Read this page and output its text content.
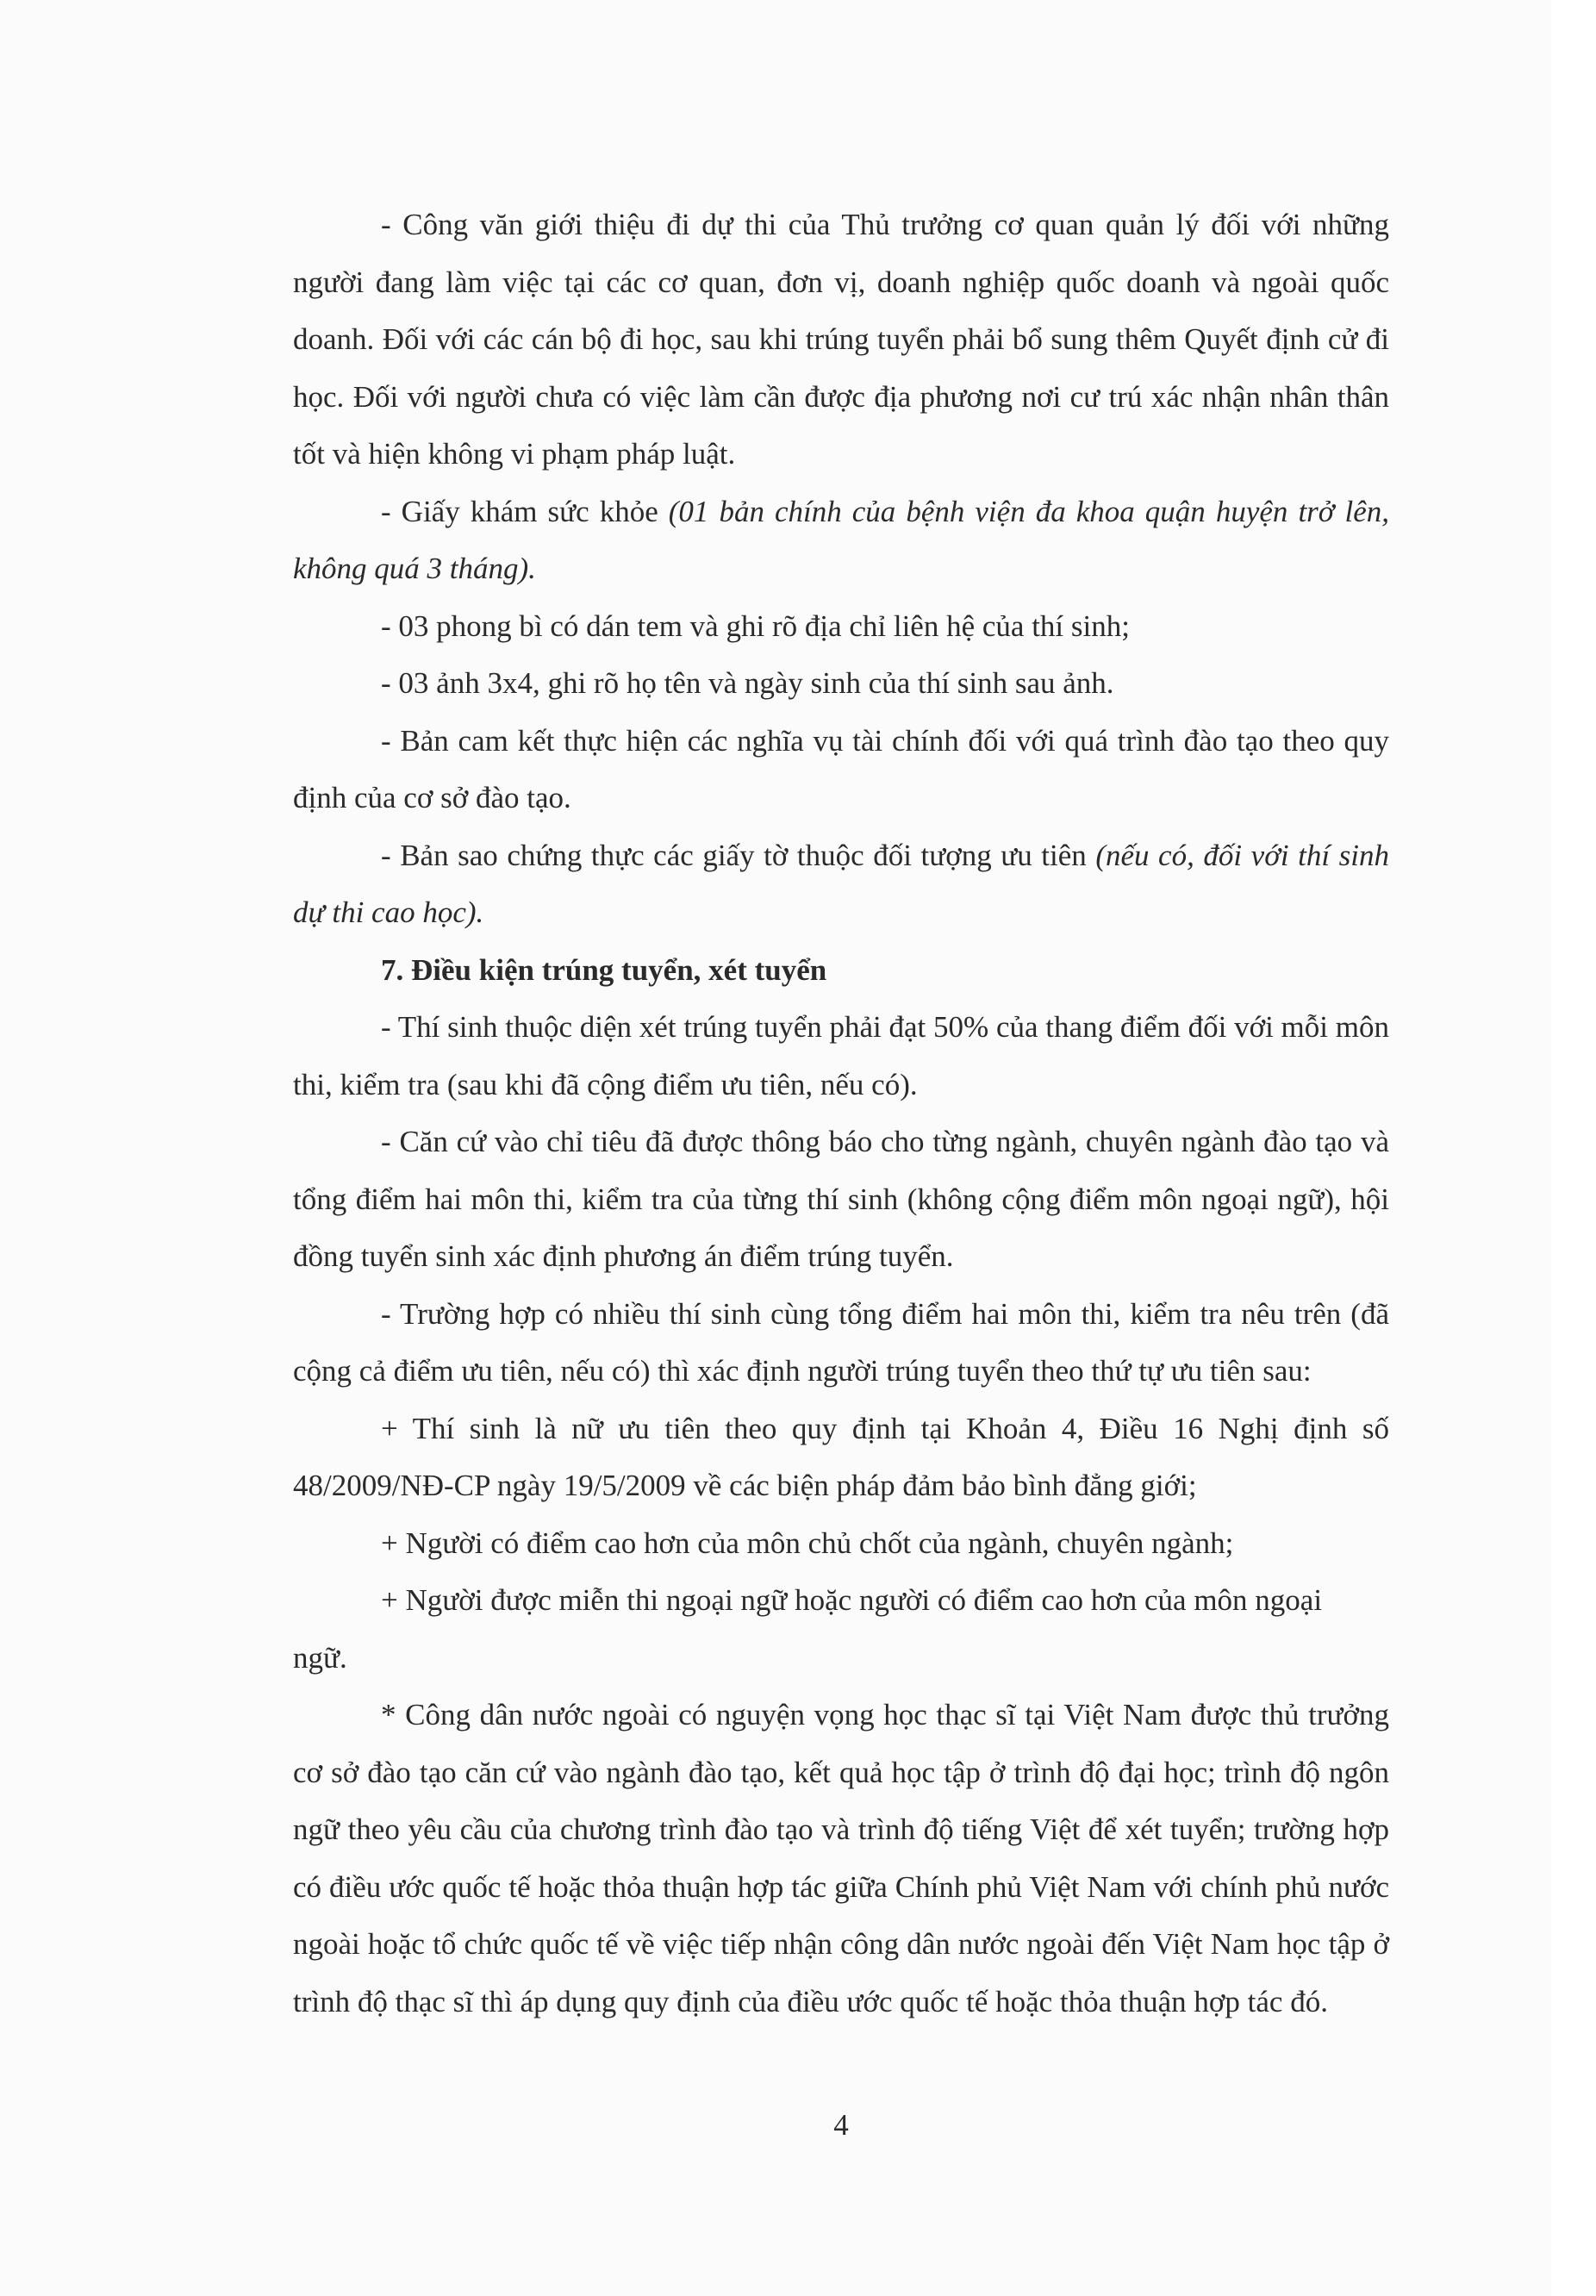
- Công văn giới thiệu đi dự thi của Thủ trưởng cơ quan quản lý đối với những người đang làm việc tại các cơ quan, đơn vị, doanh nghiệp quốc doanh và ngoài quốc doanh. Đối với các cán bộ đi học, sau khi trúng tuyển phải bổ sung thêm Quyết định cử đi học. Đối với người chưa có việc làm cần được địa phương nơi cư trú xác nhận nhân thân tốt và hiện không vi phạm pháp luật.

- Giấy khám sức khỏe (01 bản chính của bệnh viện đa khoa quận huyện trở lên, không quá 3 tháng).

- 03 phong bì có dán tem và ghi rõ địa chỉ liên hệ của thí sinh;

- 03 ảnh 3x4, ghi rõ họ tên và ngày sinh của thí sinh sau ảnh.

- Bản cam kết thực hiện các nghĩa vụ tài chính đối với quá trình đào tạo theo quy định của cơ sở đào tạo.

- Bản sao chứng thực các giấy tờ thuộc đối tượng ưu tiên (nếu có, đối với thí sinh dự thi cao học).

7. Điều kiện trúng tuyển, xét tuyển

- Thí sinh thuộc diện xét trúng tuyển phải đạt 50% của thang điểm đối với mỗi môn thi, kiểm tra (sau khi đã cộng điểm ưu tiên, nếu có).

- Căn cứ vào chỉ tiêu đã được thông báo cho từng ngành, chuyên ngành đào tạo và tổng điểm hai môn thi, kiểm tra của từng thí sinh (không cộng điểm môn ngoại ngữ), hội đồng tuyển sinh xác định phương án điểm trúng tuyển.

- Trường hợp có nhiều thí sinh cùng tổng điểm hai môn thi, kiểm tra nêu trên (đã cộng cả điểm ưu tiên, nếu có) thì xác định người trúng tuyển theo thứ tự ưu tiên sau:

+ Thí sinh là nữ ưu tiên theo quy định tại Khoản 4, Điều 16 Nghị định số 48/2009/NĐ-CP ngày 19/5/2009 về các biện pháp đảm bảo bình đẳng giới;

+ Người có điểm cao hơn của môn chủ chốt của ngành, chuyên ngành;

+ Người được miễn thi ngoại ngữ hoặc người có điểm cao hơn của môn ngoại

ngữ.

* Công dân nước ngoài có nguyện vọng học thạc sĩ tại Việt Nam được thủ trưởng cơ sở đào tạo căn cứ vào ngành đào tạo, kết quả học tập ở trình độ đại học; trình độ ngôn ngữ theo yêu cầu của chương trình đào tạo và trình độ tiếng Việt để xét tuyển; trường hợp có điều ước quốc tế hoặc thỏa thuận hợp tác giữa Chính phủ Việt Nam với chính phủ nước ngoài hoặc tổ chức quốc tế về việc tiếp nhận công dân nước ngoài đến Việt Nam học tập ở trình độ thạc sĩ thì áp dụng quy định của điều ước quốc tế hoặc thỏa thuận hợp tác đó.

4
